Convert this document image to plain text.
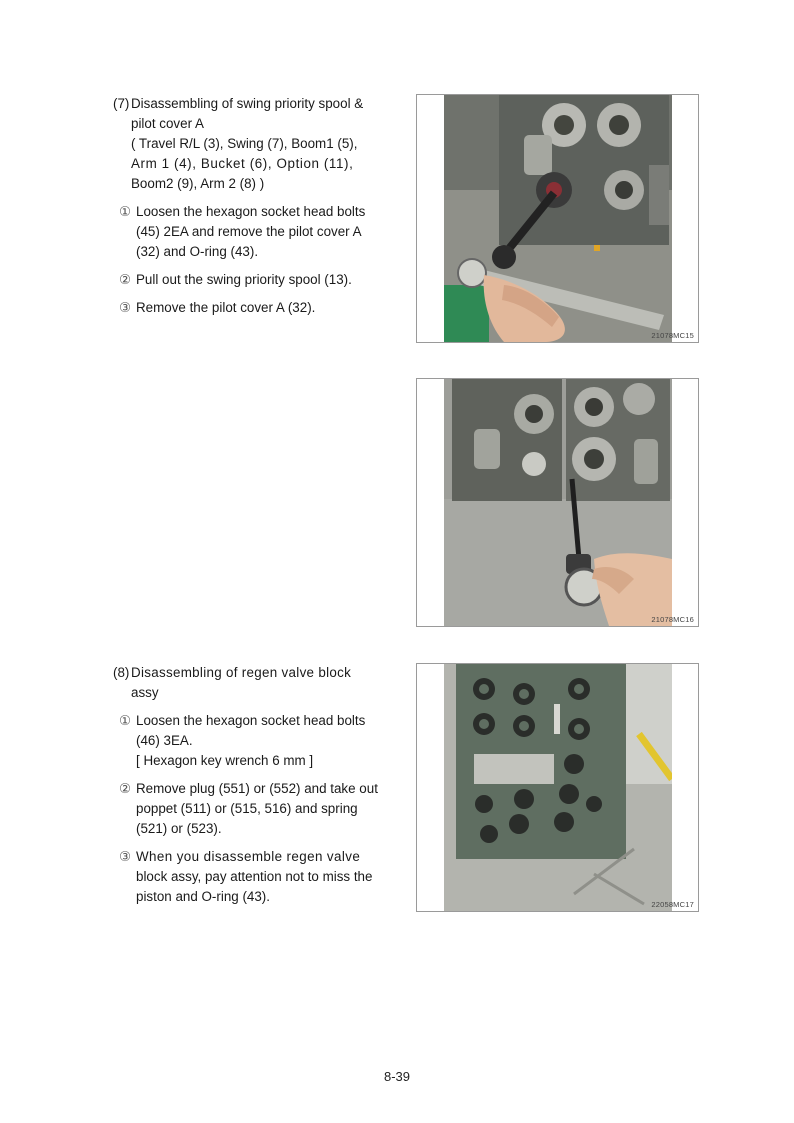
(7) Disassembling of swing priority spool &
pilot cover A
( Travel R/L (3), Swing (7), Boom1 (5),
Arm 1 (4), Bucket (6), Option (11),
Boom2 (9), Arm 2 (8) )
① Loosen the hexagon socket head bolts
(45) 2EA and remove the pilot cover A
(32) and O-ring (43).
② Pull out the swing priority spool (13).
③ Remove the pilot cover A (32).
(8) Disassembling of regen valve block
assy
① Loosen the hexagon socket head bolts
(46) 3EA.
[ Hexagon key wrench 6 mm ]
② Remove plug (551) or (552) and take out
poppet (511) or (515, 516) and spring
(521) or (523).
③ When you disassemble regen valve
block assy, pay attention not to miss the
piston and O-ring (43).
21078MC15
21078MC16
22058MC17
8-39
